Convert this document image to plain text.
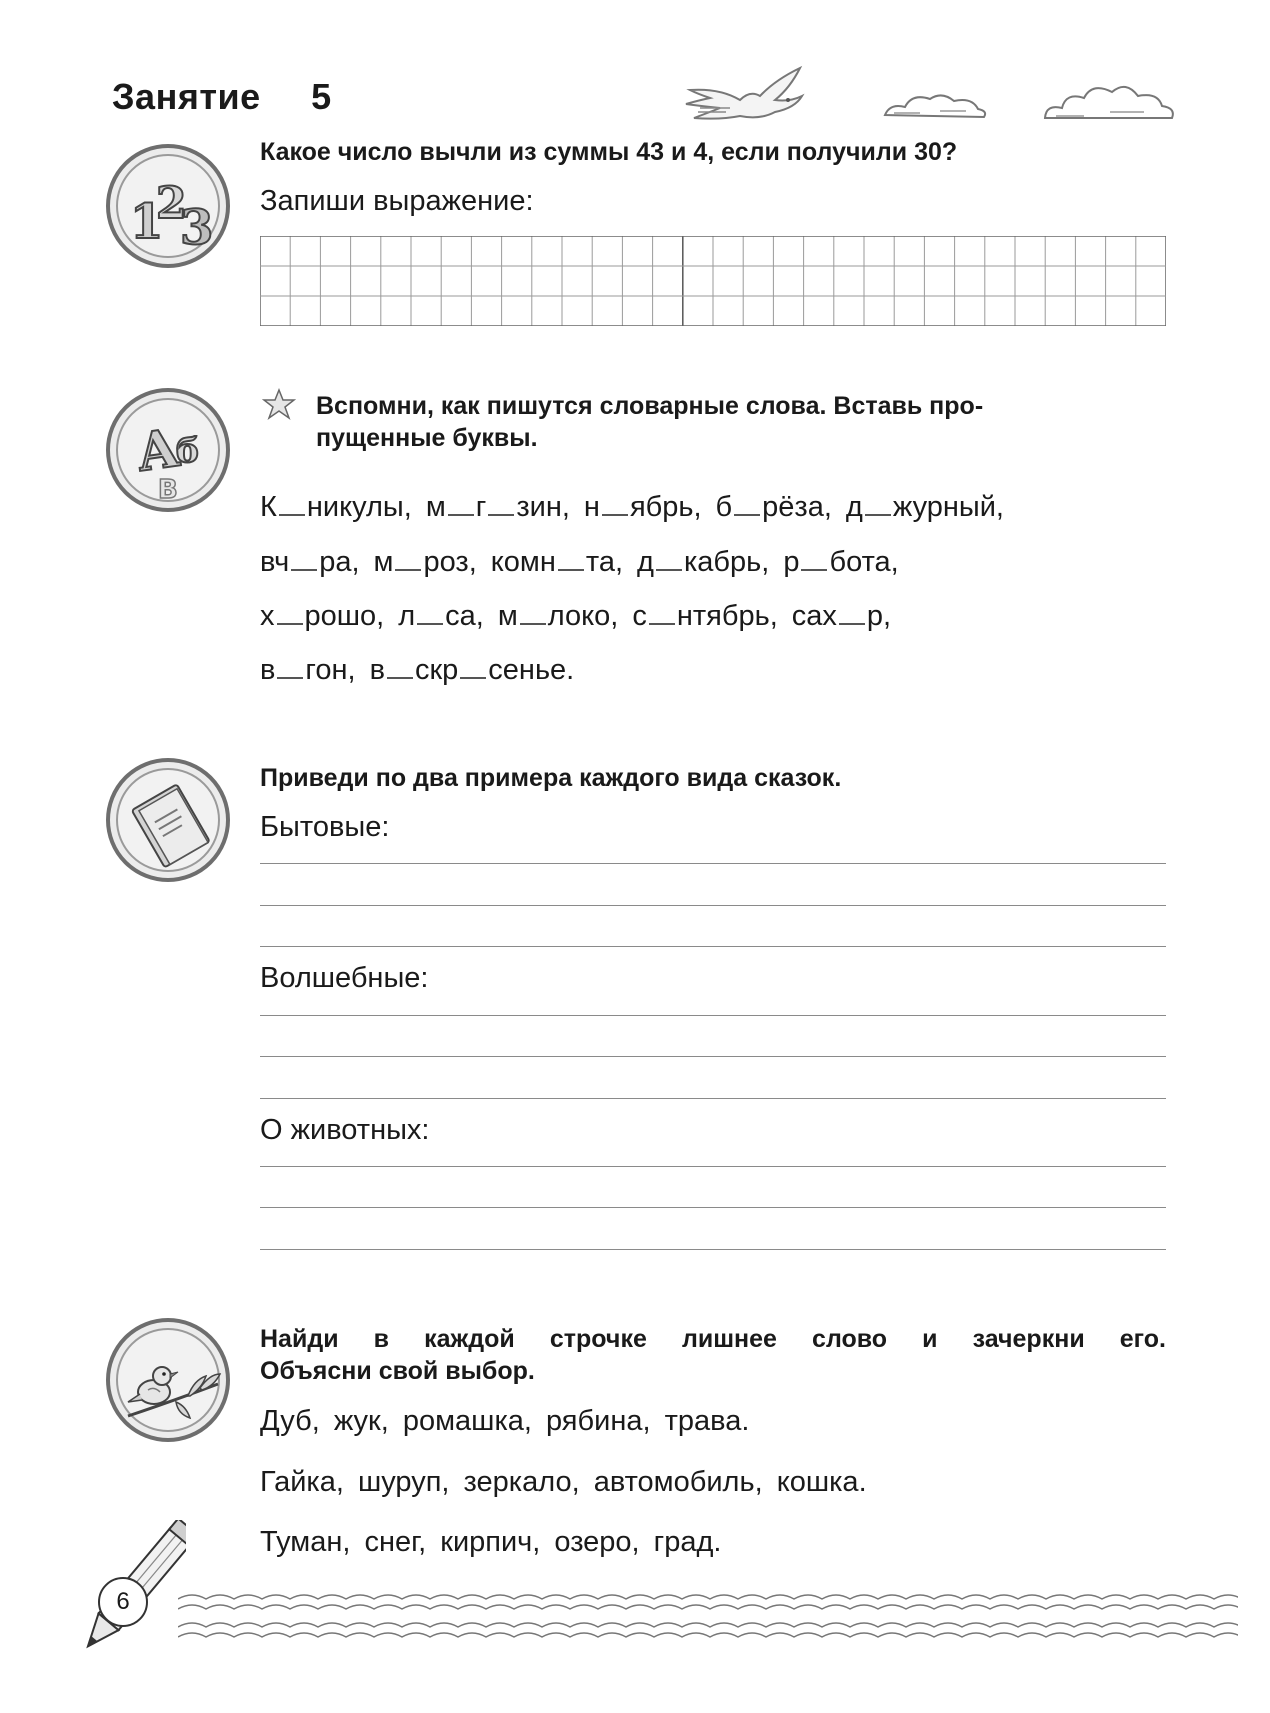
Занятие 5
1
2
3
Какое число вычли из суммы 43 и 4, если получили 30?
Запиши выражение:
A
б
В
Вспомни, как пишутся словарные слова. Вставь про-
пущенные буквы.
К никулы, м г зин, н ябрь, б рёза, д журный,
вч ра, м роз, комн та, д кабрь, р бота,
х рошо, л са, м локо, с нтябрь, сах р,
в гон, в скр сенье.
Приведи по два примера каждого вида сказок.
Бытовые:
Волшебные:
О животных:
Найди в каждой строчке лишнее слово и зачеркни его.
Объясни свой выбор.
Дуб, жук, ромашка, рябина, трава.
Гайка, шуруп, зеркало, автомобиль, кошка.
Туман, снег, кирпич, озеро, град.
6
